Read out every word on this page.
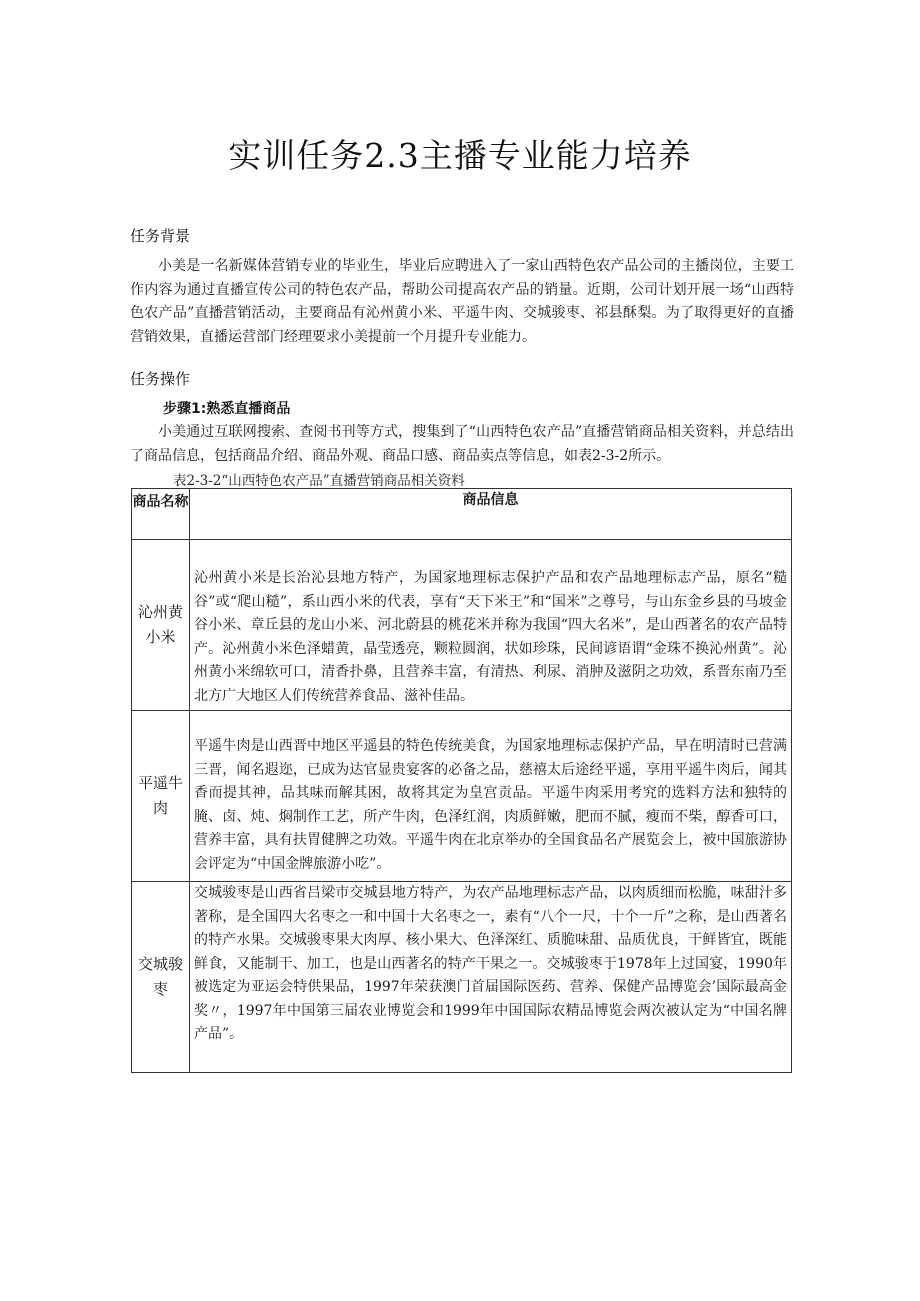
实训任务2.3主播专业能力培养
任务背景

小美是一名新媒体营销专业的毕业生，毕业后应聘进入了一家山西特色农产品公司的主播岗位，主要工作内容为通过直播宣传公司的特色农产品，帮助公司提高农产品的销量。近期，公司计划开展一场“山西特色农产品”直播营销活动，主要商品有沁州黄小米、平遥牛肉、交城骏枣、祁县酥梨。为了取得更好的直播营销效果，直播运营部门经理要求小美提前一个月提升专业能力。

任务操作
步骤1:熟悉直播商品

小美通过互联网搜索、查阅书刊等方式，搜集到了“山西特色农产品”直播营销商品相关资料，并总结出了商品信息，包括商品介绍、商品外观、商品口感、商品卖点等信息，如表2-3-2所示。

表2-3-2“山西特色农产品”直播营销商品相关资料
商品名称	商品信息
沁州黄小米	沁州黄小米是长治沁县地方特产，为国家地理标志保护产品和农产品地理标志产品，原名“糙谷”或“爬山糙”，系山西小米的代表，享有“天下米王”和“国米”之尊号，与山东金乡县的马坡金谷小米、章丘县的龙山小米、河北蔚县的桃花米并称为我国“四大名米”，是山西著名的农产品特产。沁州黄小米色泽蜡黄，晶莹透亮，颗粒圆润，状如珍珠，民间谚语谓“金珠不换沁州黄”。沁州黄小米绵软可口，清香扑鼻，且营养丰富，有清热、利尿、消肿及滋阴之功效，系晋东南乃至北方广大地区人们传统营养食品、滋补佳品。
平遥牛肉	平遥牛肉是山西晋中地区平遥县的特色传统美食，为国家地理标志保护产品，早在明清时已营满三晋，闻名遐迩，已成为达官显贵宴客的必备之品，慈禧太后途经平遥，享用平遥牛肉后，闻其香而提其神，品其味而解其困，故将其定为皇宫贡品。平遥牛肉采用考究的选料方法和独特的腌、卤、炖、焖制作工艺，所产牛肉，色泽红润，肉质鲜嫩，肥而不腻，瘦而不柴，醇香可口，营养丰富，具有扶胃健脾之功效。平遥牛肉在北京举办的全国食品名产展览会上，被中国旅游协会评定为“中国金牌旅游小吃”。
交城骏枣	交城骏枣是山西省吕梁市交城县地方特产，为农产品地理标志产品，以肉质细而松脆，味甜汁多著称，是全国四大名枣之一和中国十大名枣之一，素有“八个一尺，十个一斤”之称，是山西著名的特产水果。交城骏枣果大肉厚、核小果大、色泽深红、质脆味甜、品质优良，干鲜皆宜，既能鲜食，又能制干、加工，也是山西著名的特产干果之一。交城骏枣于1978年上过国宴，1990年被选定为亚运会特供果品，1997年荣获澳门首届国际医药、营养、保健产品博览会’国际最高金奖〃，1997年中国第三届农业博览会和1999年中国国际农精品博览会两次被认定为“中国名牌产品”。
